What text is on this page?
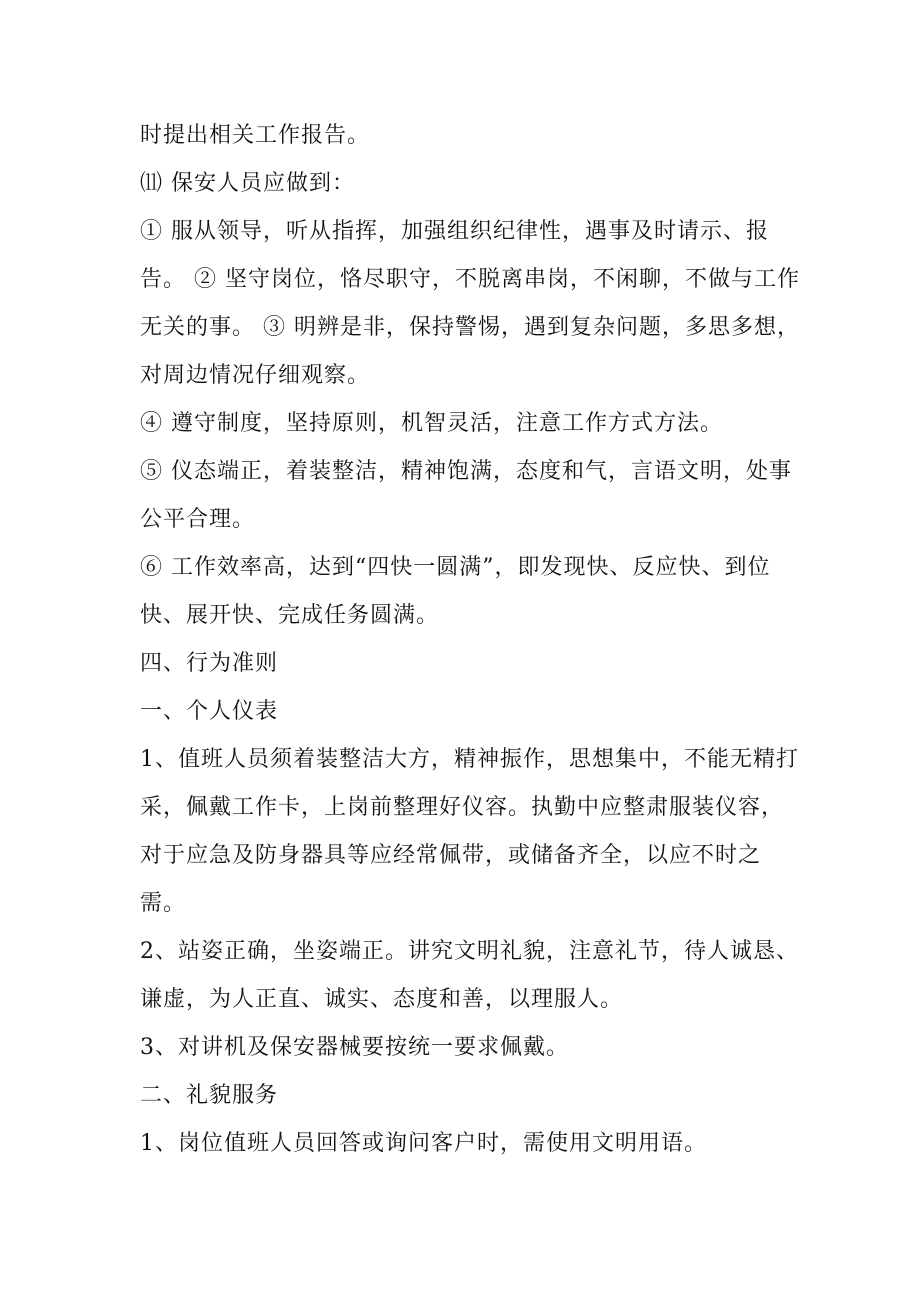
时提出相关工作报告。

⑾ 保安人员应做到：

① 服从领导，听从指挥，加强组织纪律性，遇事及时请示、报告。 ② 坚守岗位，恪尽职守，不脱离串岗，不闲聊，不做与工作无关的事。 ③ 明辨是非，保持警惕，遇到复杂问题，多思多想，对周边情况仔细观察。

④ 遵守制度，坚持原则，机智灵活，注意工作方式方法。

⑤ 仪态端正，着装整洁，精神饱满，态度和气，言语文明，处事公平合理。

⑥ 工作效率高，达到“四快一圆满”，即发现快、反应快、到位快、展开快、完成任务圆满。

四、行为准则

一、个人仪表

1、值班人员须着装整洁大方，精神振作，思想集中，不能无精打采，佩戴工作卡，上岗前整理好仪容。执勤中应整肃服装仪容，对于应急及防身器具等应经常佩带，或储备齐全，以应不时之需。

2、站姿正确，坐姿端正。讲究文明礼貌，注意礼节，待人诚恳、谦虚，为人正直、诚实、态度和善，以理服人。

3、对讲机及保安器械要按统一要求佩戴。

二、礼貌服务

1、岗位值班人员回答或询问客户时，需使用文明用语。
